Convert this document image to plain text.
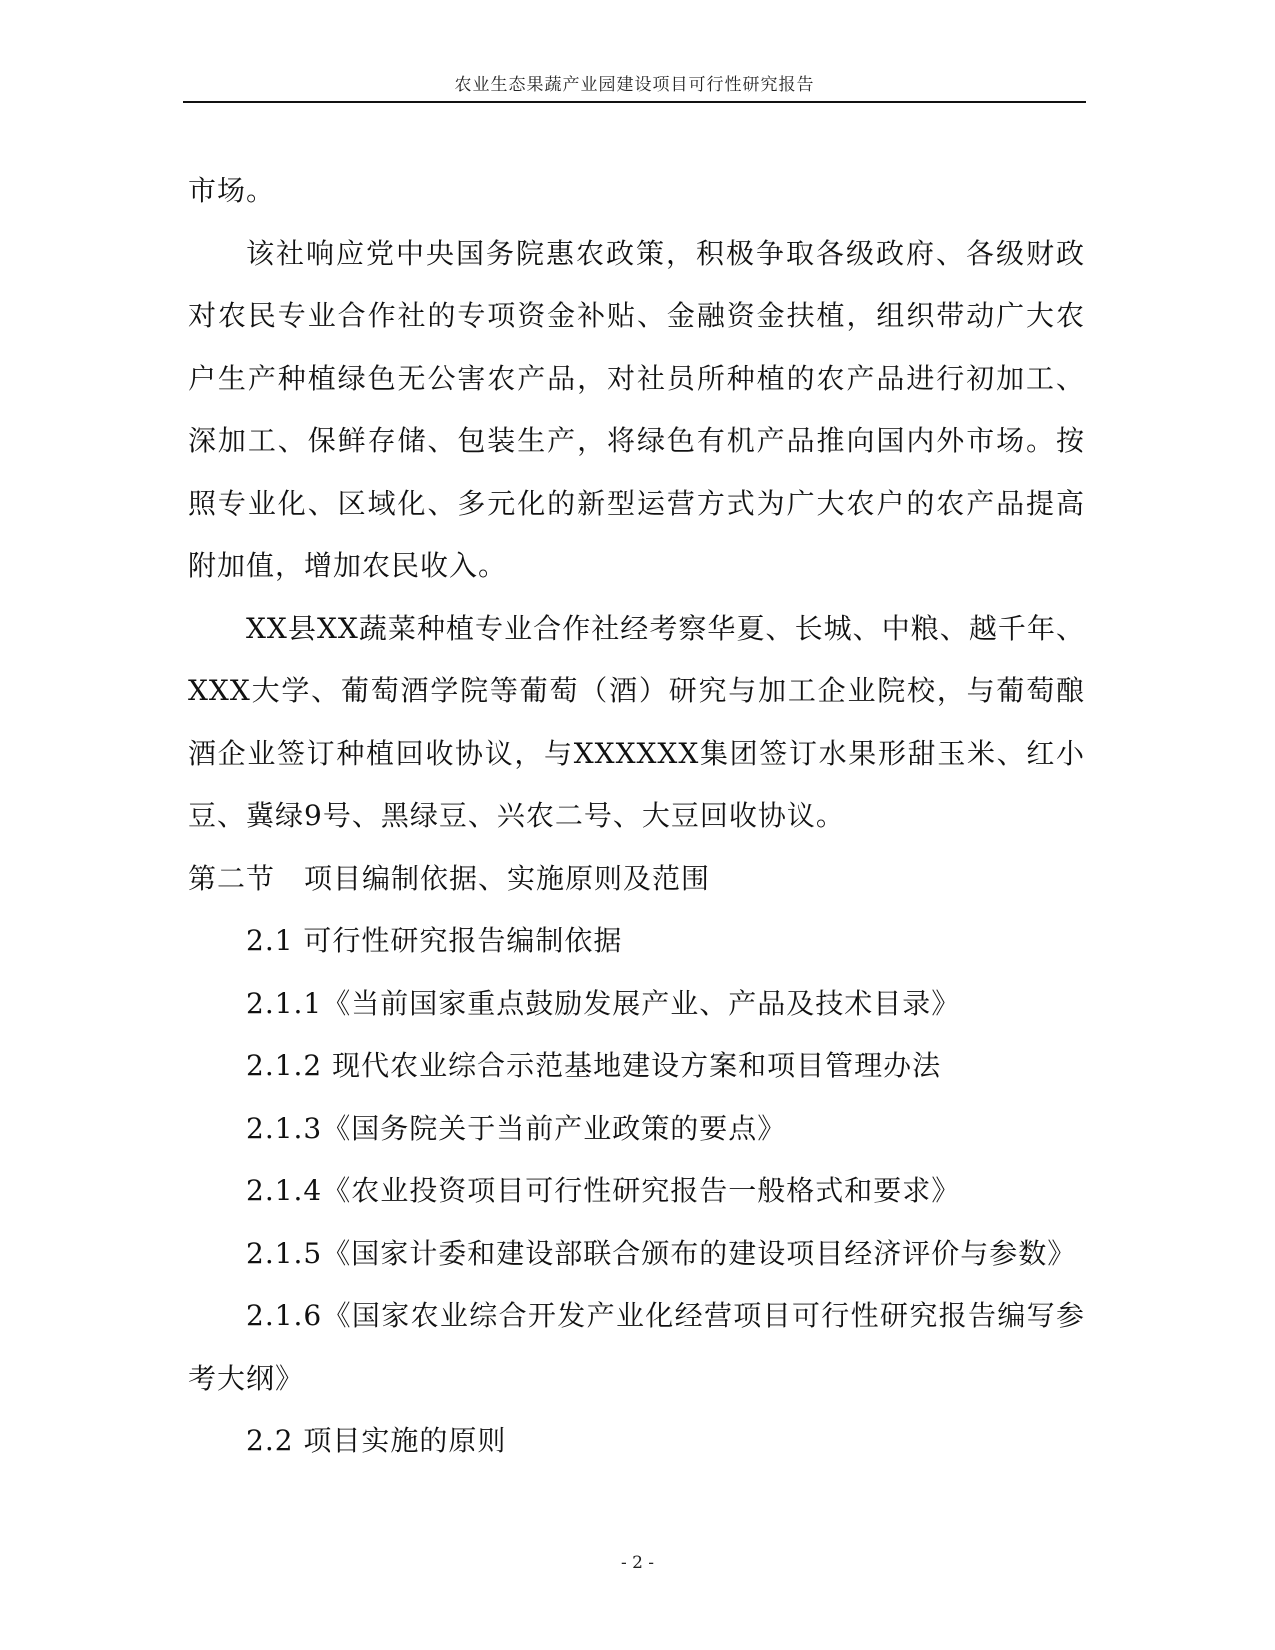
农业生态果蔬产业园建设项目可行性研究报告

市场。

该社响应党中央国务院惠农政策，积极争取各级政府、各级财政对农民专业合作社的专项资金补贴、金融资金扶植，组织带动广大农户生产种植绿色无公害农产品，对社员所种植的农产品进行初加工、深加工、保鲜存储、包装生产，将绿色有机产品推向国内外市场。按照专业化、区域化、多元化的新型运营方式为广大农户的农产品提高附加值，增加农民收入。

XX县XX蔬菜种植专业合作社经考察华夏、长城、中粮、越千年、XXX大学、葡萄酒学院等葡萄（酒）研究与加工企业院校，与葡萄酿酒企业签订种植回收协议，与XXXXXX集团签订水果形甜玉米、红小豆、冀绿9号、黑绿豆、兴农二号、大豆回收协议。

第二节　项目编制依据、实施原则及范围

2.1 可行性研究报告编制依据

2.1.1《当前国家重点鼓励发展产业、产品及技术目录》

2.1.2 现代农业综合示范基地建设方案和项目管理办法

2.1.3《国务院关于当前产业政策的要点》

2.1.4《农业投资项目可行性研究报告一般格式和要求》

2.1.5《国家计委和建设部联合颁布的建设项目经济评价与参数》

2.1.6《国家农业综合开发产业化经营项目可行性研究报告编写参考大纲》

2.2 项目实施的原则

- 2 -
